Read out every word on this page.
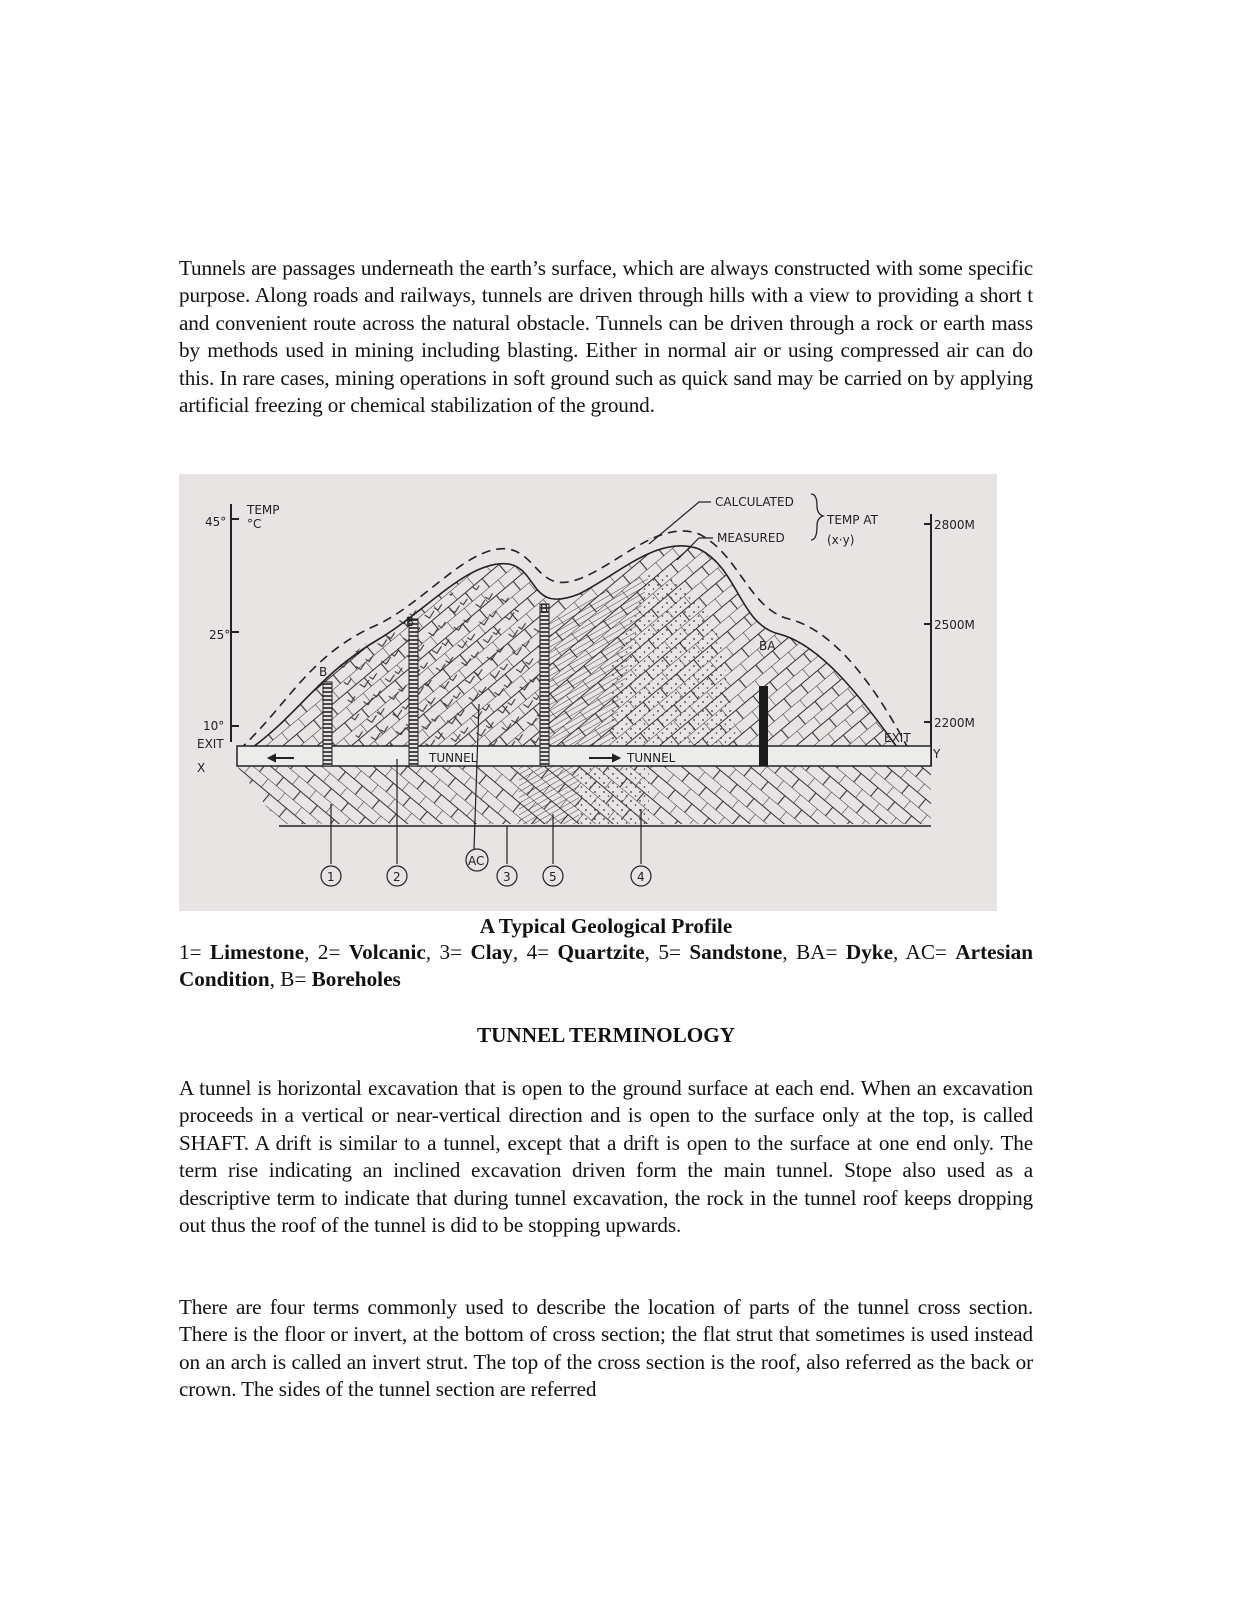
Tunnels are passages underneath the earth’s surface, which are always constructed with some specific purpose. Along roads and railways, tunnels are driven through hills with a view to providing a short t and convenient route across the natural obstacle. Tunnels can be driven through a rock or earth mass by methods used in mining including blasting. Either in normal air or using compressed air can do this. In rare cases, mining operations in soft ground such as quick sand may be carried on by applying artificial freezing or chemical stabilization of the ground.

TEMP
°C
45°
25°
10°
EXIT
X
2800M
2500M
2200M
Y
TUNNEL	TUNNEL
EXIT
B
B
B
BA
CALCULATED
MEASURED
TEMP AT
(x·y)
1	2
AC
3	5	4
A Typical Geological Profile

1= Limestone, 2= Volcanic, 3= Clay, 4= Quartzite, 5= Sandstone, BA= Dyke, AC= Artesian Condition, B= Boreholes

TUNNEL TERMINOLOGY

A tunnel is horizontal excavation that is open to the ground surface at each end. When an excavation proceeds in a vertical or near-vertical direction and is open to the surface only at the top, is called SHAFT. A drift is similar to a tunnel, except that a drift is open to the surface at one end only. The term rise indicating an inclined excavation driven form the main tunnel. Stope also used as a descriptive term to indicate that during tunnel excavation, the rock in the tunnel roof keeps dropping out thus the roof of the tunnel is did to be stopping upwards.

There are four terms commonly used to describe the location of parts of the tunnel cross section. There is the floor or invert, at the bottom of cross section; the flat strut that sometimes is used instead on an arch is called an invert strut. The top of the cross section is the roof, also referred as the back or crown. The sides of the tunnel section are referred
